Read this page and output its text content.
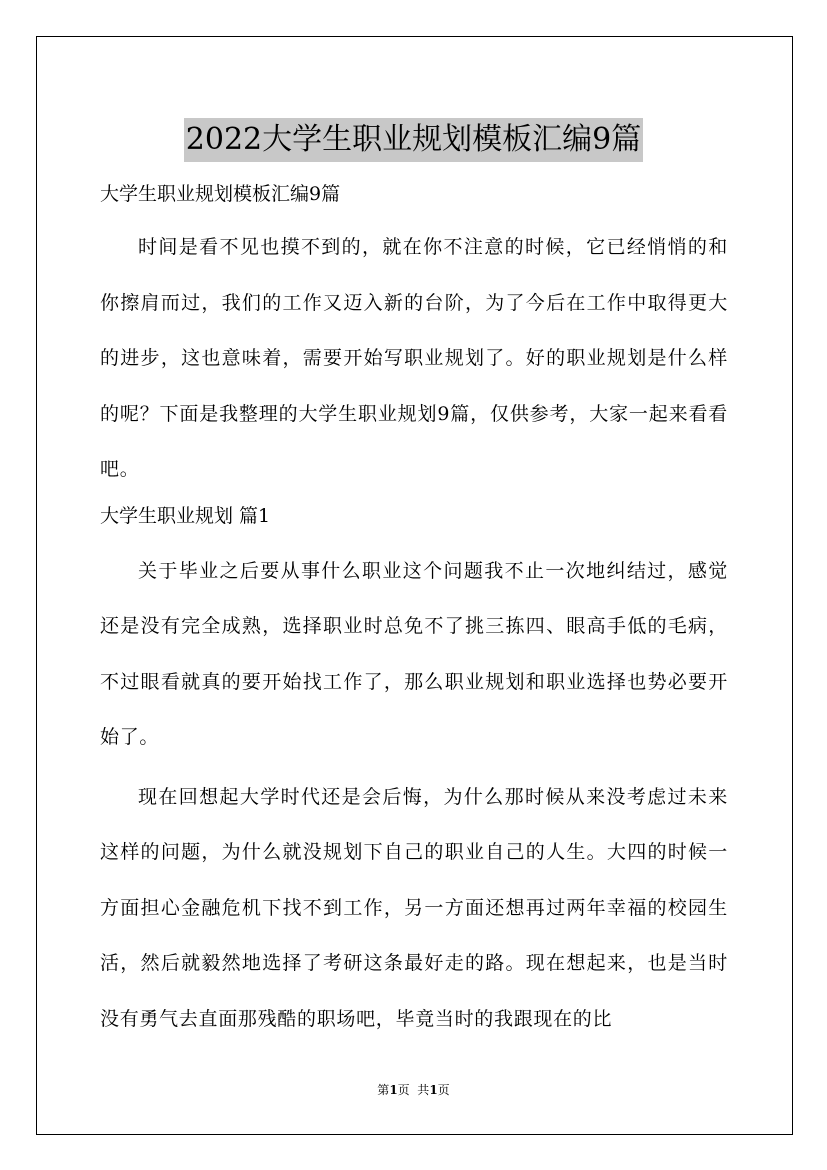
2022大学生职业规划模板汇编9篇

大学生职业规划模板汇编9篇

时间是看不见也摸不到的，就在你不注意的时候，它已经悄悄的和你擦肩而过，我们的工作又迈入新的台阶，为了今后在工作中取得更大的进步，这也意味着，需要开始写职业规划了。好的职业规划是什么样的呢？下面是我整理的大学生职业规划9篇，仅供参考，大家一起来看看吧。

大学生职业规划 篇1

关于毕业之后要从事什么职业这个问题我不止一次地纠结过，感觉还是没有完全成熟，选择职业时总免不了挑三拣四、眼高手低的毛病，不过眼看就真的要开始找工作了，那么职业规划和职业选择也势必要开始了。

现在回想起大学时代还是会后悔，为什么那时候从来没考虑过未来这样的问题，为什么就没规划下自己的职业自己的人生。大四的时候一方面担心金融危机下找不到工作，另一方面还想再过两年幸福的校园生活，然后就毅然地选择了考研这条最好走的路。现在想起来，也是当时没有勇气去直面那残酷的职场吧，毕竟当时的我跟现在的比

第1页  共1页
